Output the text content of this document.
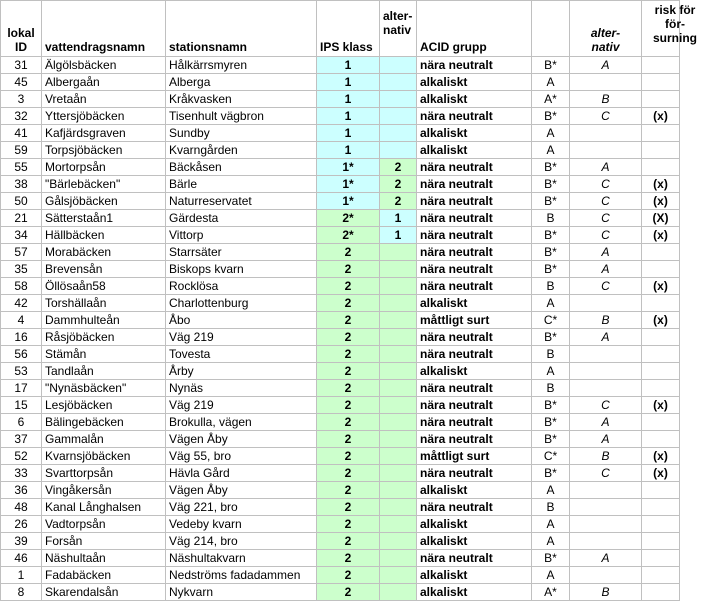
lokal ID	vattendragsnamn	stationsnamn	IPS klass	alter-nativ	ACID grupp		alter-nativ	risk för för-surning

31	Älgölsbäcken	Hålkärrsmyren	1		nära neutralt	B*	A	
45	Albergaån	Alberga	1		alkaliskt	A		
3	Vretaån	Kråkvasken	1		alkaliskt	A*	B	
32	Yttersjöbäcken	Tisenhult vägbron	1		nära neutralt	B*	C	(x)
41	Kafjärdsgraven	Sundby	1		alkaliskt	A		
59	Torpsjöbäcken	Kvarngården	1		alkaliskt	A		
55	Mortorpsån	Bäckåsen	1*	2	nära neutralt	B*	A	
38	"Bärlebäcken"	Bärle	1*	2	nära neutralt	B*	C	(x)
50	Gålsjöbäcken	Naturreservatet	1*	2	nära neutralt	B*	C	(x)
21	Sätterstaån1	Gärdesta	2*	1	nära neutralt	B	C	(X)
34	Hällbäcken	Vittorp	2*	1	nära neutralt	B*	C	(x)
57	Morabäcken	Starrsäter	2		nära neutralt	B*	A	
35	Brevensån	Biskops kvarn	2		nära neutralt	B*	A	
58	Öllösaån58	Rocklösa	2		nära neutralt	B	C	(x)
42	Torshällaån	Charlottenburg	2		alkaliskt	A		
4	Dammhulteån	Åbo	2		måttligt surt	C*	B	(x)
16	Råsjöbäcken	Väg 219	2		nära neutralt	B*	A	
56	Stämån	Tovesta	2		nära neutralt	B		
53	Tandlaån	Årby	2		alkaliskt	A		
17	"Nynäsbäcken"	Nynäs	2		nära neutralt	B		
15	Lesjöbäcken	Väg 219	2		nära neutralt	B*	C	(x)
6	Bälingebäcken	Brokulla, vägen	2		nära neutralt	B*	A	
37	Gammalån	Vägen Åby	2		nära neutralt	B*	A	
52	Kvarnsjöbäcken	Väg 55, bro	2		måttligt surt	C*	B	(x)
33	Svarttorpsån	Hävla Gård	2		nära neutralt	B*	C	(x)
36	Vingåkersån	Vägen Åby	2		alkaliskt	A		
48	Kanal Långhalsen	Väg 221, bro	2		nära neutralt	B		
26	Vadtorpsån	Vedeby kvarn	2		alkaliskt	A		
39	Forsån	Väg 214, bro	2		alkaliskt	A		
46	Näshultaån	Näshultakvarn	2		nära neutralt	B*	A	
1	Fadabäcken	Nedströms fadadammen	2		alkaliskt	A		
8	Skarendalsån	Nykvarn	2		alkaliskt	A*	B	
